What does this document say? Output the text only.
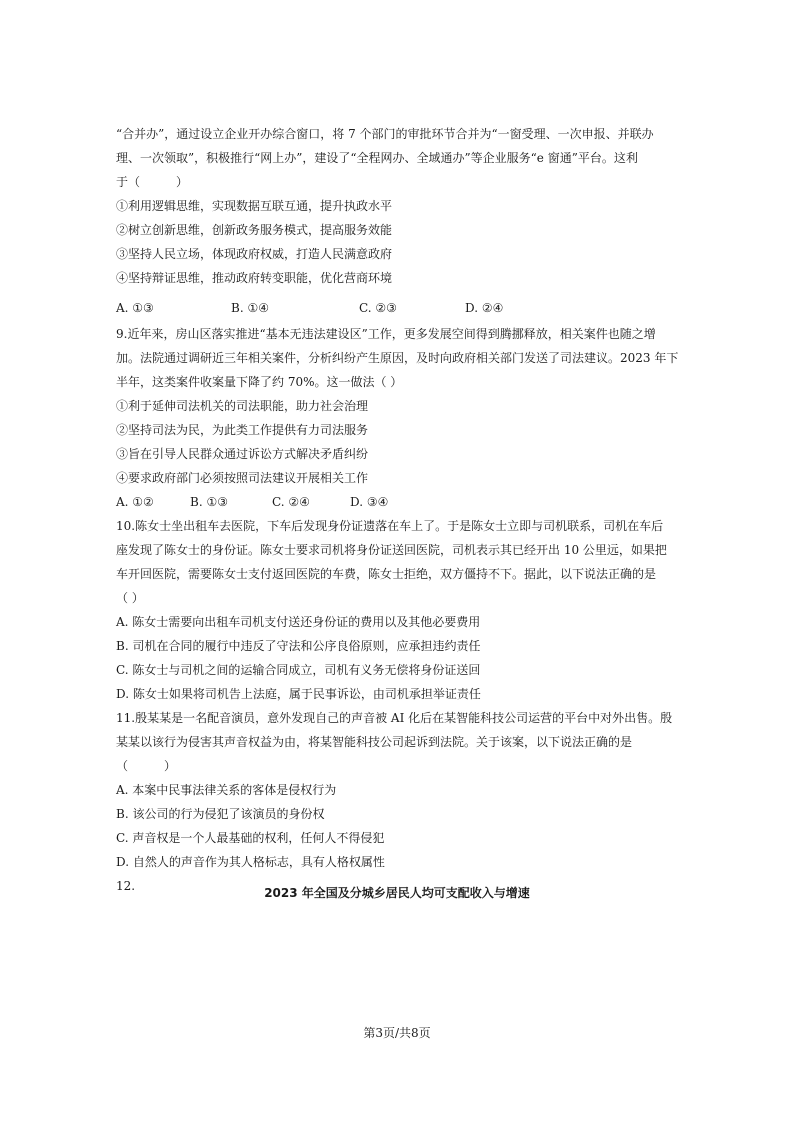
“合并办”，通过设立企业开办综合窗口，将 7 个部门的审批环节合并为“一窗受理、一次申报、并联办
理、一次领取”，积极推行“网上办”，建设了“全程网办、全域通办”等企业服务“e 窗通”平台。这利
于（　　　）
①利用逻辑思维，实现数据互联互通，提升执政水平
②树立创新思维，创新政务服务模式，提高服务效能
③坚持人民立场，体现政府权威，打造人民满意政府
④坚持辩证思维，推动政府转变职能，优化营商环境
A. ①③	B. ①④	C. ②③	D. ②④
9.近年来，房山区落实推进“基本无违法建设区”工作，更多发展空间得到腾挪释放，相关案件也随之增
加。法院通过调研近三年相关案件，分析纠纷产生原因，及时向政府相关部门发送了司法建议。2023 年下
半年，这类案件收案量下降了约 70%。这一做法（ ）
①利于延伸司法机关的司法职能，助力社会治理
②坚持司法为民，为此类工作提供有力司法服务
③旨在引导人民群众通过诉讼方式解决矛盾纠纷
④要求政府部门必须按照司法建议开展相关工作
A. ①②	B. ①③	C. ②④	D. ③④
10.陈女士坐出租车去医院，下车后发现身份证遗落在车上了。于是陈女士立即与司机联系，司机在车后
座发现了陈女士的身份证。陈女士要求司机将身份证送回医院，司机表示其已经开出 10 公里远，如果把
车开回医院，需要陈女士支付返回医院的车费，陈女士拒绝，双方僵持不下。据此，以下说法正确的是
（ ）
A. 陈女士需要向出租车司机支付送还身份证的费用以及其他必要费用
B. 司机在合同的履行中违反了守法和公序良俗原则，应承担违约责任
C. 陈女士与司机之间的运输合同成立，司机有义务无偿将身份证送回
D. 陈女士如果将司机告上法庭，属于民事诉讼，由司机承担举证责任
11.殷某某是一名配音演员，意外发现自己的声音被 AI 化后在某智能科技公司运营的平台中对外出售。殷
某某以该行为侵害其声音权益为由，将某智能科技公司起诉到法院。关于该案，以下说法正确的是
（　　　）
A. 本案中民事法律关系的客体是侵权行为
B. 该公司的行为侵犯了该演员的身份权
C. 声音权是一个人最基础的权利，任何人不得侵犯
D. 自然人的声音作为其人格标志，具有人格权属性
12.	2023 年全国及分城乡居民人均可支配收入与增速
第3页/共8页
